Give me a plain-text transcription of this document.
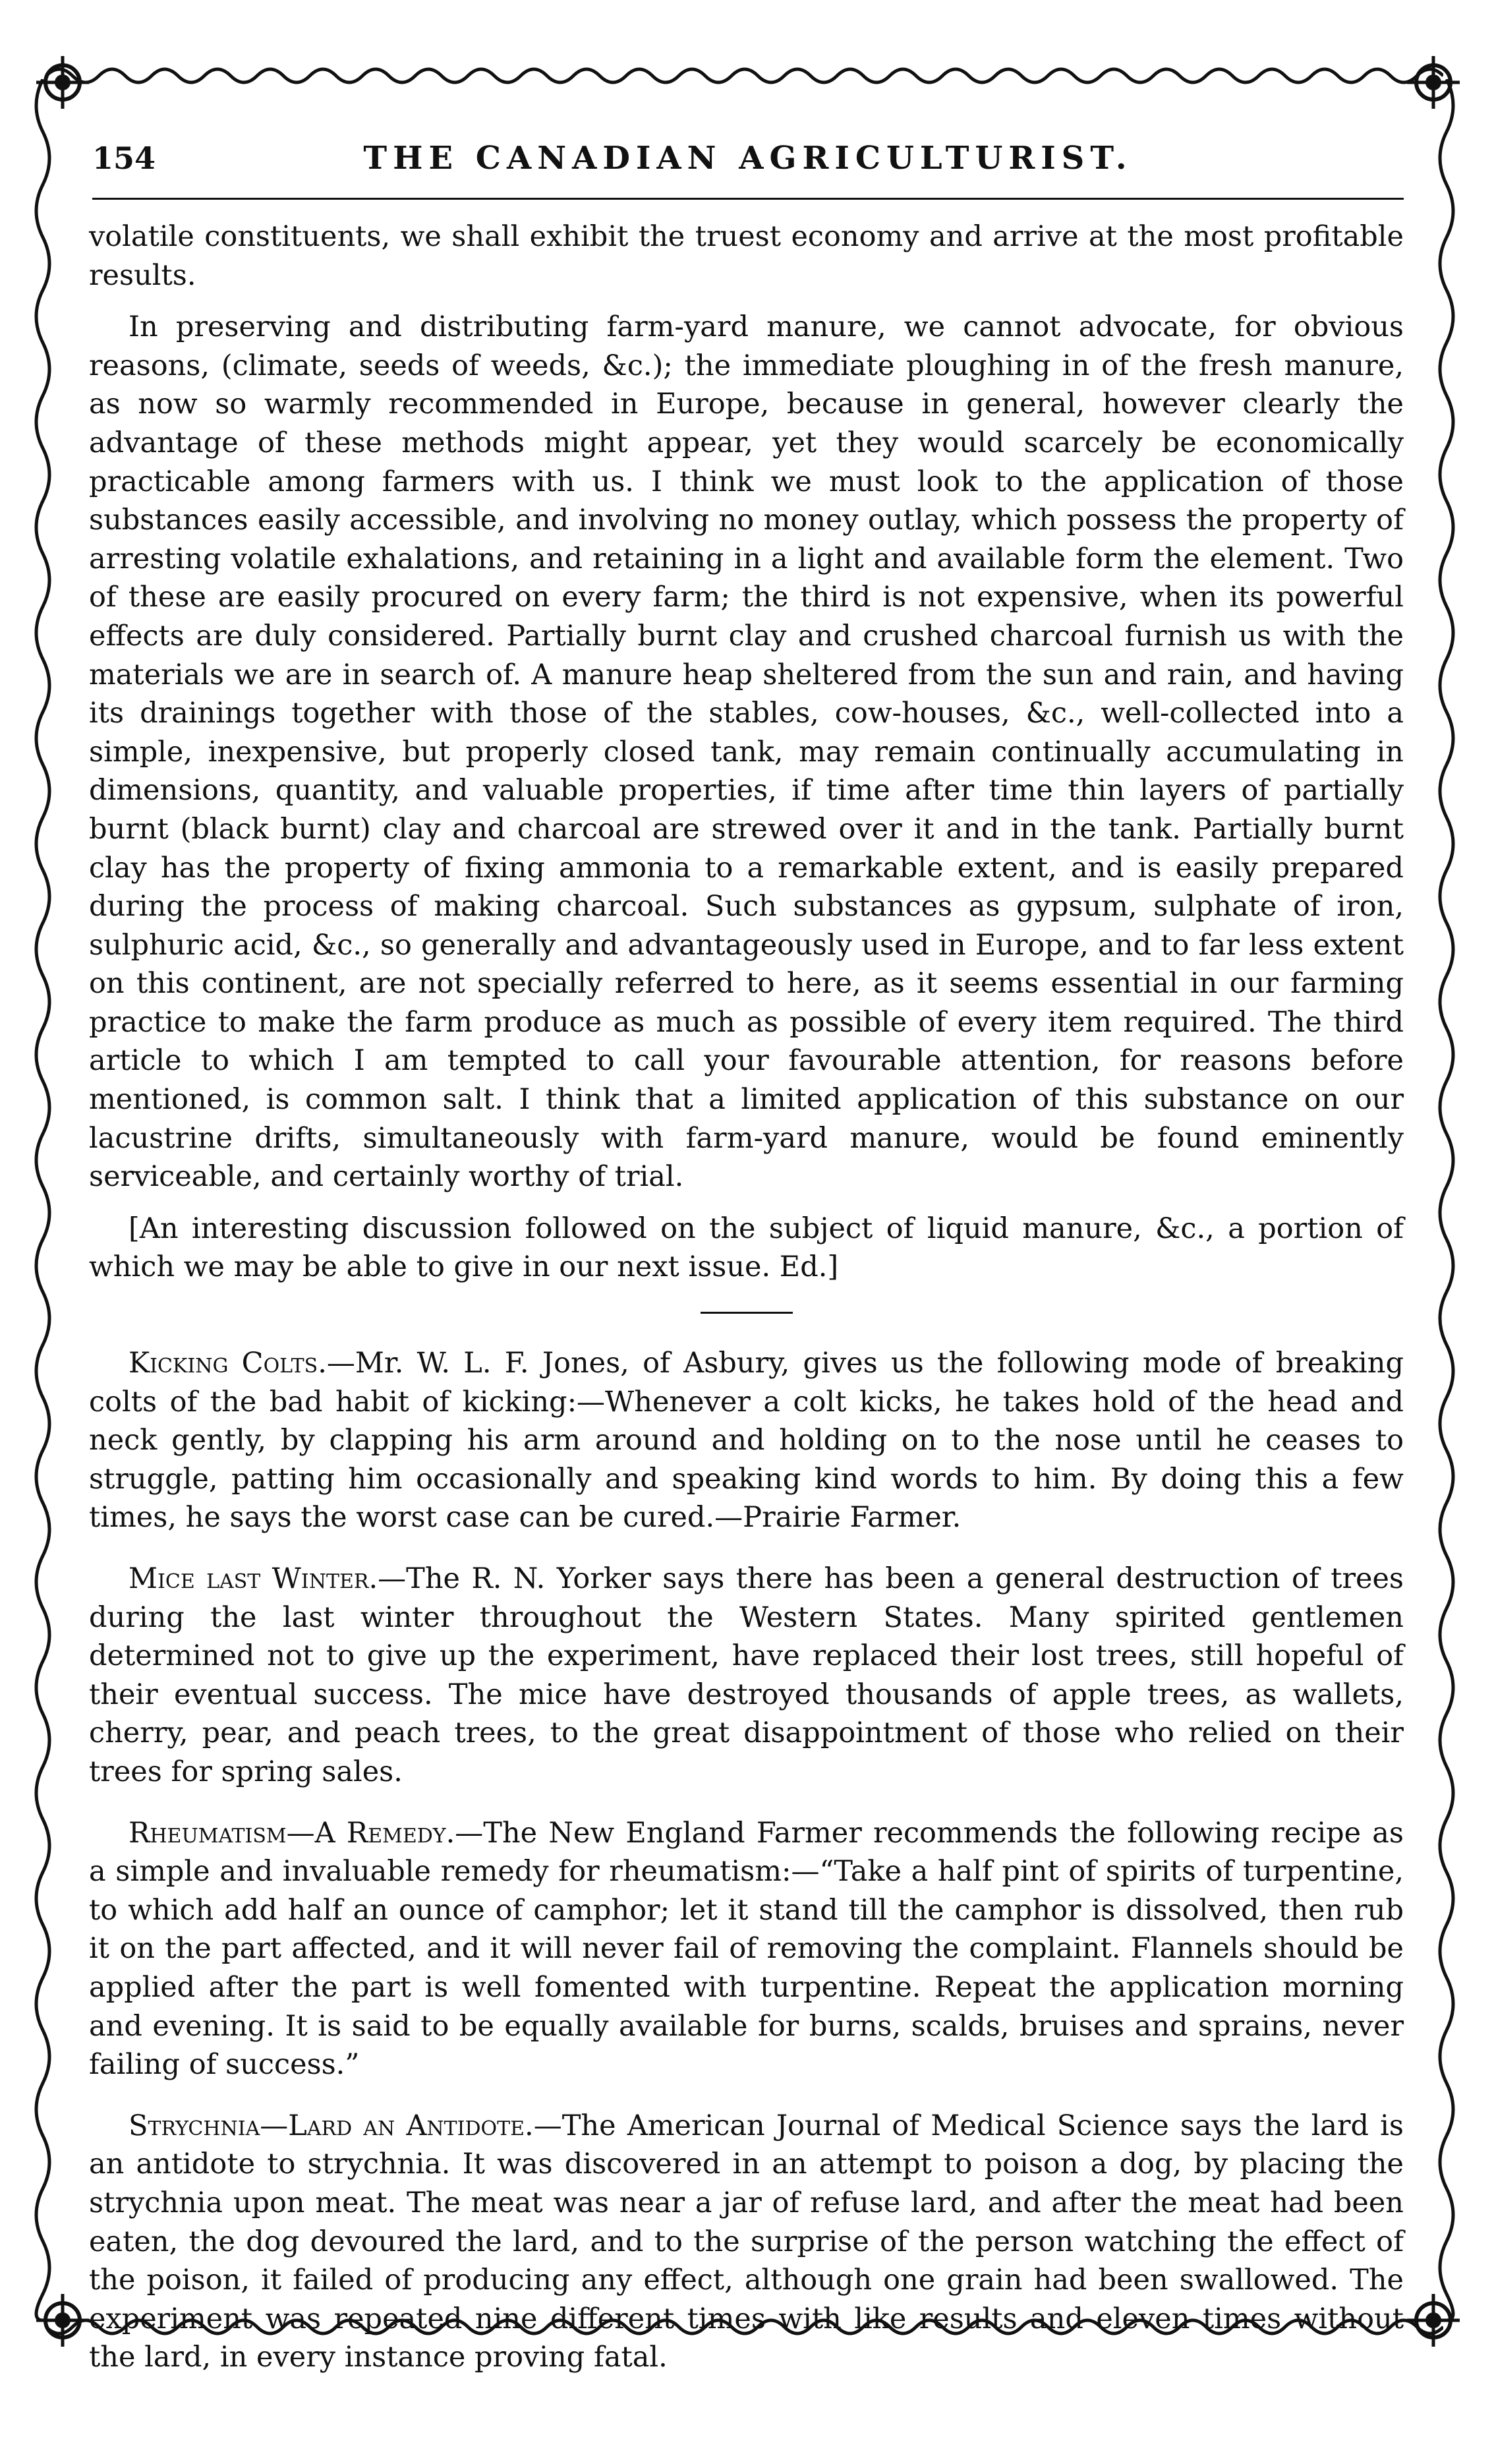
154	THE CANADIAN AGRICULTURIST.

volatile constituents, we shall exhibit the truest economy and arrive at the most profitable results.

In preserving and distributing farm-yard manure, we cannot advocate, for obvious reasons, (climate, seeds of weeds, &c.); the immediate ploughing in of the fresh manure, as now so warmly recommended in Europe, because in general, however clearly the advantage of these methods might appear, yet they would scarcely be economically practicable among farmers with us. I think we must look to the application of those substances easily accessible, and involving no money outlay, which possess the property of arresting volatile exhalations, and retaining in a light and available form the element. Two of these are easily procured on every farm; the third is not expensive, when its powerful effects are duly considered. Partially burnt clay and crushed charcoal furnish us with the materials we are in search of. A manure heap sheltered from the sun and rain, and having its drainings together with those of the stables, cow-houses, &c., well-collected into a simple, inexpensive, but properly closed tank, may remain continually accumulating in dimensions, quantity, and valuable properties, if time after time thin layers of partially burnt (black burnt) clay and charcoal are strewed over it and in the tank. Partially burnt clay has the property of fixing ammonia to a remarkable extent, and is easily prepared during the process of making charcoal. Such substances as gypsum, sulphate of iron, sulphuric acid, &c., so generally and advantageously used in Europe, and to far less extent on this continent, are not specially referred to here, as it seems essential in our farming practice to make the farm produce as much as possible of every item required. The third article to which I am tempted to call your favourable attention, for reasons before mentioned, is common salt. I think that a limited application of this substance on our lacustrine drifts, simultaneously with farm-yard manure, would be found eminently serviceable, and certainly worthy of trial.

[An interesting discussion followed on the subject of liquid manure, &c., a portion of which we may be able to give in our next issue. Ed.]

Kicking Colts.—Mr. W. L. F. Jones, of Asbury, gives us the following mode of breaking colts of the bad habit of kicking:—Whenever a colt kicks, he takes hold of the head and neck gently, by clapping his arm around and holding on to the nose until he ceases to struggle, patting him occasionally and speaking kind words to him. By doing this a few times, he says the worst case can be cured.—Prairie Farmer.

Mice last Winter.—The R. N. Yorker says there has been a general destruction of trees during the last winter throughout the Western States. Many spirited gentlemen determined not to give up the experiment, have replaced their lost trees, still hopeful of their eventual success. The mice have destroyed thousands of apple trees, as wallets, cherry, pear, and peach trees, to the great disappointment of those who relied on their trees for spring sales.

Rheumatism—A Remedy.—The New England Farmer recommends the following recipe as a simple and invaluable remedy for rheumatism:—“Take a half pint of spirits of turpentine, to which add half an ounce of camphor; let it stand till the camphor is dissolved, then rub it on the part affected, and it will never fail of removing the complaint. Flannels should be applied after the part is well fomented with turpentine. Repeat the application morning and evening. It is said to be equally available for burns, scalds, bruises and sprains, never failing of success.”

Strychnia—Lard an Antidote.—The American Journal of Medical Science says the lard is an antidote to strychnia. It was discovered in an attempt to poison a dog, by placing the strychnia upon meat. The meat was near a jar of refuse lard, and after the meat had been eaten, the dog devoured the lard, and to the surprise of the person watching the effect of the poison, it failed of producing any effect, although one grain had been swallowed. The experiment was repeated nine different times with like results and eleven times without the lard, in every instance proving fatal.
